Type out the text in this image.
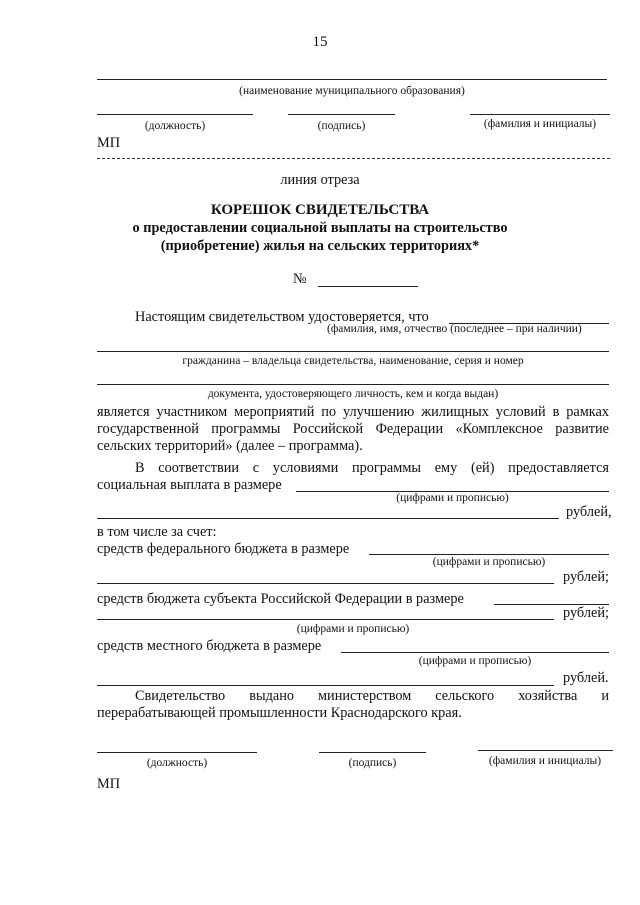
15
(наименование муниципального образования)
(должность)	(подпись)	(фамилия и инициалы)
МП
линия отреза
КОРЕШОК СВИДЕТЕЛЬСТВА
о предоставлении социальной выплаты на строительство
(приобретение) жилья на сельских территориях*
№
Настоящим свидетельством удостоверяется, что
(фамилия, имя, отчество (последнее – при наличии)
гражданина – владельца свидетельства, наименование, серия и номер
документа, удостоверяющего личность, кем и когда выдан)
является участником мероприятий по улучшению жилищных условий в рамках
государственной программы Российской Федерации «Комплексное развитие
сельских территорий» (далее – программа).
В соответствии с условиями программы ему (ей) предоставляется
социальная выплата в размере
(цифрами и прописью)
рублей,
в том числе за счет:
средств федерального бюджета в размере
(цифрами и прописью)
рублей;
средств бюджета субъекта Российской Федерации в размере
рублей;
(цифрами и прописью)
средств местного бюджета в размере
(цифрами и прописью)
рублей.
Свидетельство выдано министерством сельского хозяйства и
перерабатывающей промышленности Краснодарского края.
(должность)	(подпись)	(фамилия и инициалы)
МП
